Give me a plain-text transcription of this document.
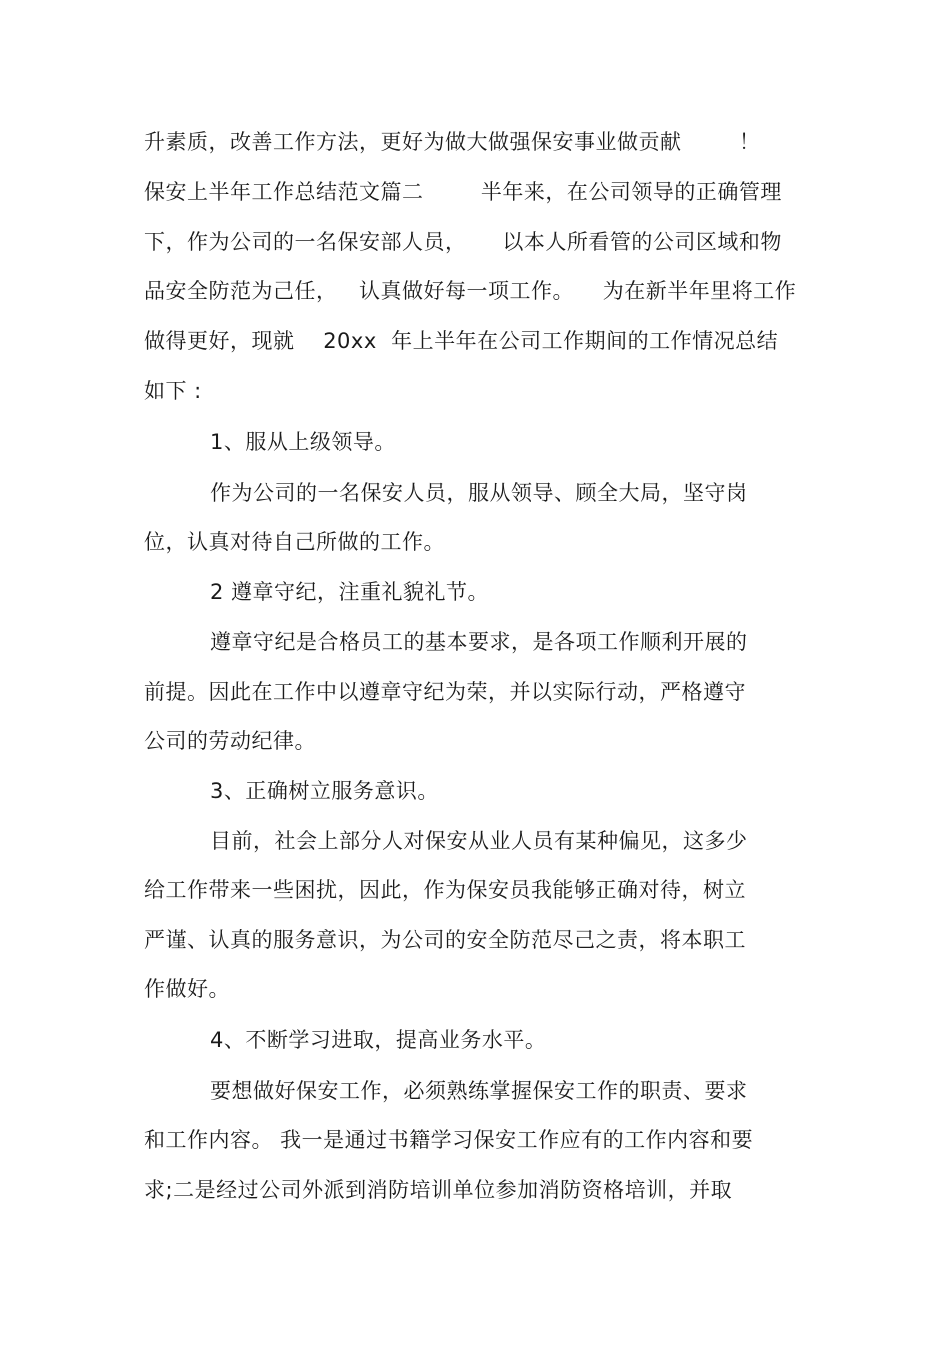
升素质，改善工作方法，更好为做大做强保安事业做贡献        ！
保安上半年工作总结范文篇二        半年来，在公司领导的正确管理
下，作为公司的一名保安部人员，     以本人所看管的公司区域和物
品安全防范为己任，   认真做好每一项工作。    为在新半年里将工作
做得更好，现就    20xx  年上半年在公司工作期间的工作情况总结
如下 :
1、服从上级领导。
作为公司的一名保安人员，服从领导、顾全大局，坚守岗
位，认真对待自己所做的工作。
2 遵章守纪，注重礼貌礼节。
遵章守纪是合格员工的基本要求，是各项工作顺利开展的
前提。因此在工作中以遵章守纪为荣，并以实际行动，严格遵守
公司的劳动纪律。
3、正确树立服务意识。
目前，社会上部分人对保安从业人员有某种偏见，这多少
给工作带来一些困扰，因此，作为保安员我能够正确对待，树立
严谨、认真的服务意识，为公司的安全防范尽己之责，将本职工
作做好。
4、不断学习进取，提高业务水平。
要想做好保安工作，必须熟练掌握保安工作的职责、要求
和工作内容。 我一是通过书籍学习保安工作应有的工作内容和要
求;二是经过公司外派到消防培训单位参加消防资格培训，并取
